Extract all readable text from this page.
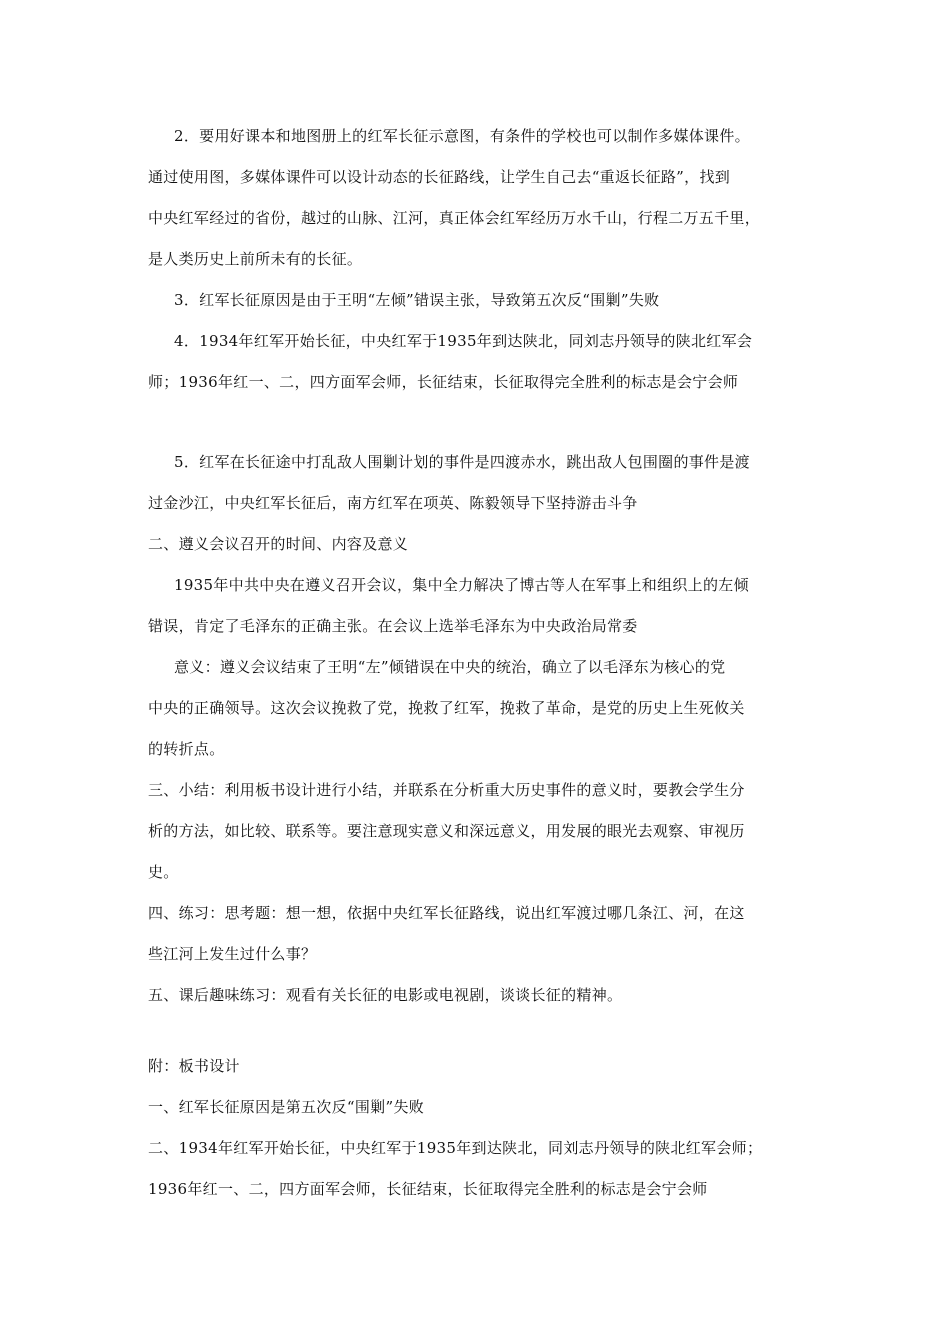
2．要用好课本和地图册上的红军长征示意图，有条件的学校也可以制作多媒体课件。
通过使用图，多媒体课件可以设计动态的长征路线，让学生自己去“重返长征路”，找到
中央红军经过的省份，越过的山脉、江河，真正体会红军经历万水千山，行程二万五千里，
是人类历史上前所未有的长征。
3．红军长征原因是由于王明“左倾”错误主张，导致第五次反“围剿”失败
4．1934年红军开始长征，中央红军于1935年到达陕北，同刘志丹领导的陕北红军会
师；1936年红一、二，四方面军会师，长征结束，长征取得完全胜利的标志是会宁会师
5．红军在长征途中打乱敌人围剿计划的事件是四渡赤水，跳出敌人包围圈的事件是渡
过金沙江，中央红军长征后，南方红军在项英、陈毅领导下坚持游击斗争
二、遵义会议召开的时间、内容及意义
1935年中共中央在遵义召开会议，集中全力解决了博古等人在军事上和组织上的左倾
错误，肯定了毛泽东的正确主张。在会议上选举毛泽东为中央政治局常委
意义：遵义会议结束了王明“左”倾错误在中央的统治，确立了以毛泽东为核心的党
中央的正确领导。这次会议挽救了党，挽救了红军，挽救了革命，是党的历史上生死攸关
的转折点。
三、小结：利用板书设计进行小结，并联系在分析重大历史事件的意义时，要教会学生分
析的方法，如比较、联系等。要注意现实意义和深远意义，用发展的眼光去观察、审视历
史。
四、练习：思考题：想一想，依据中央红军长征路线，说出红军渡过哪几条江、河，在这
些江河上发生过什么事？
五、课后趣味练习：观看有关长征的电影或电视剧，谈谈长征的精神。
附：板书设计
一、红军长征原因是第五次反“围剿”失败
二、1934年红军开始长征，中央红军于1935年到达陕北，同刘志丹领导的陕北红军会师；
1936年红一、二，四方面军会师，长征结束，长征取得完全胜利的标志是会宁会师
